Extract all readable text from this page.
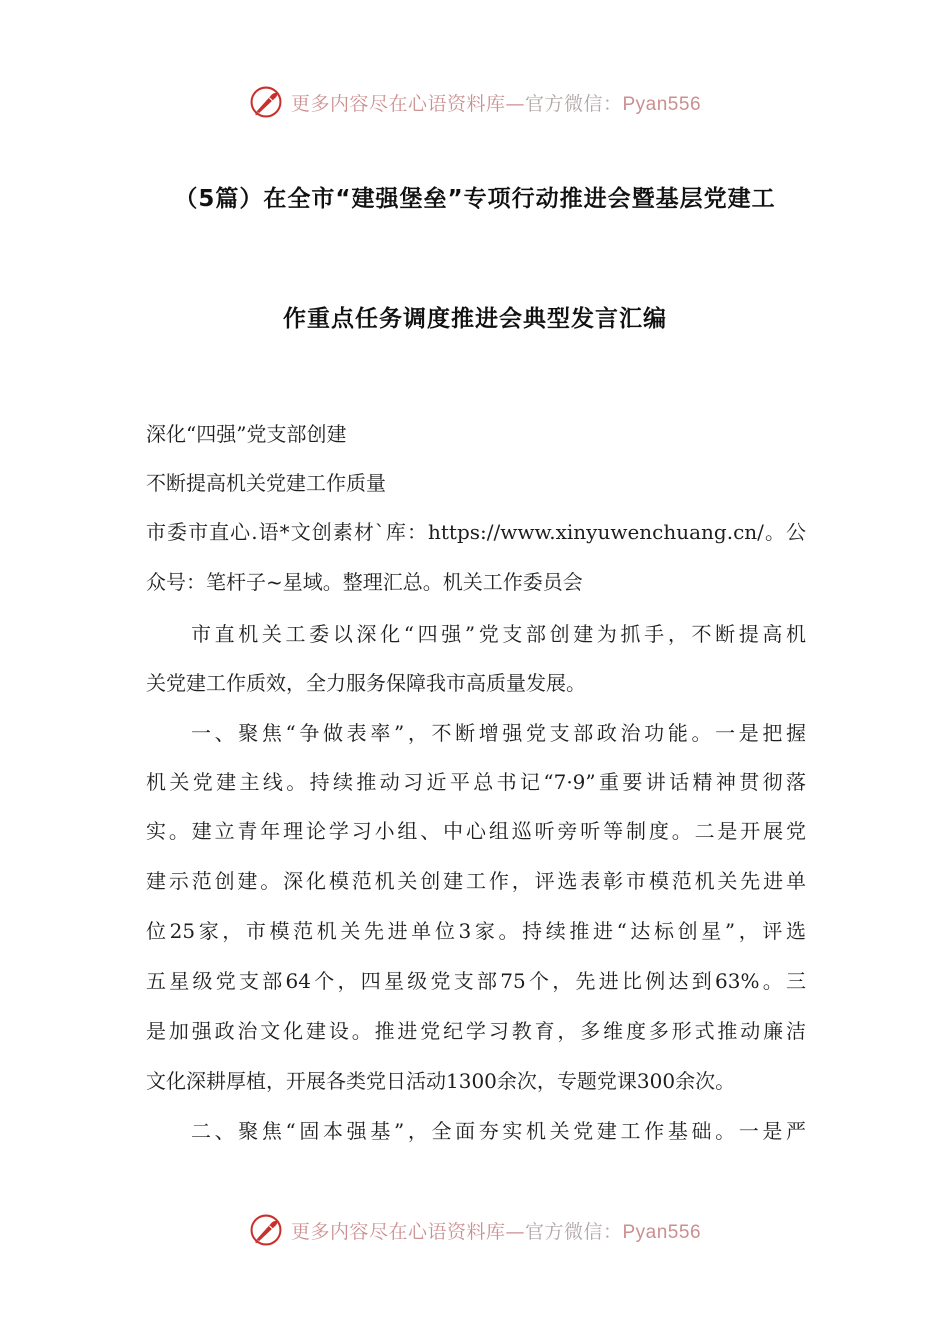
更多内容尽在心语资料库—官方微信：Pyan556
（5篇）在全市“建强堡垒”专项行动推进会暨基层党建工
作重点任务调度推进会典型发言汇编
深化“四强”党支部创建
不断提高机关党建工作质量
市委市直心.语*文创素材`库：https://www.xinyuwenchuang.cn/。公
众号：笔杆子~星域。整理汇总。机关工作委员会
市直机关工委以深化“四强”党支部创建为抓手，不断提高机
关党建工作质效，全力服务保障我市高质量发展。
一、聚焦“争做表率”，不断增强党支部政治功能。一是把握
机关党建主线。持续推动习近平总书记“7·9”重要讲话精神贯彻落
实。建立青年理论学习小组、中心组巡听旁听等制度。二是开展党
建示范创建。深化模范机关创建工作，评选表彰市模范机关先进单
位25家，市模范机关先进单位3家。持续推进“达标创星”，评选
五星级党支部64个，四星级党支部75个，先进比例达到63%。三
是加强政治文化建设。推进党纪学习教育，多维度多形式推动廉洁
文化深耕厚植，开展各类党日活动1300余次，专题党课300余次。
二、聚焦“固本强基”，全面夯实机关党建工作基础。一是严
更多内容尽在心语资料库—官方微信：Pyan556
